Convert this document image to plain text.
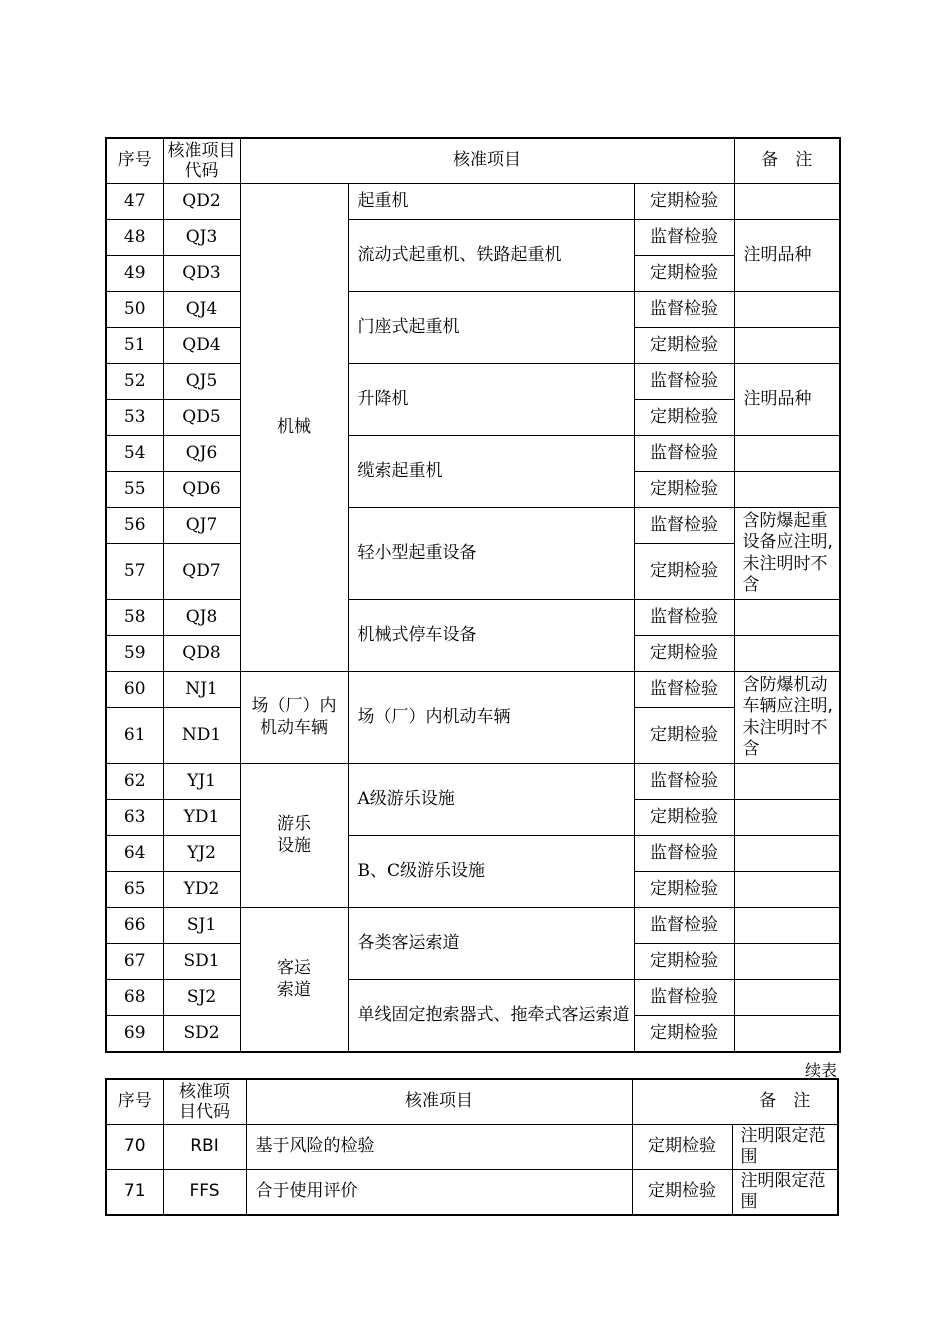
序号	核准项目代码	核准项目			备　注
47	QD2	机械	起重机	定期检验	
48	QJ3		流动式起重机、铁路起重机	监督检验	注明品种
49	QD3			定期检验	
50	QJ4		门座式起重机	监督检验	
51	QD4			定期检验	
52	QJ5		升降机	监督检验	注明品种
53	QD5			定期检验	
54	QJ6		缆索起重机	监督检验	
55	QD6			定期检验	
56	QJ7		轻小型起重设备	监督检验	含防爆起重设备应注明,未注明时不含
57	QD7			定期检验	
58	QJ8		机械式停车设备	监督检验	
59	QD8			定期检验	
60	NJ1	场（厂）内机动车辆	场（厂）内机动车辆	监督检验	含防爆机动车辆应注明,未注明时不含
61	ND1			定期检验	
62	YJ1	游乐设施	A级游乐设施	监督检验	
63	YD1			定期检验	
64	YJ2		B、C级游乐设施	监督检验	
65	YD2			定期检验	
66	SJ1	客运索道	各类客运索道	监督检验	
67	SD1			定期检验	
68	SJ2		单线固定抱索器式、拖牵式客运索道	监督检验	
69	SD2			定期检验	
续表
序号	核准项目代码	核准项目	备　注	
70	RBI	基于风险的检验	定期检验	注明限定范围
71	FFS	合于使用评价	定期检验	注明限定范围
